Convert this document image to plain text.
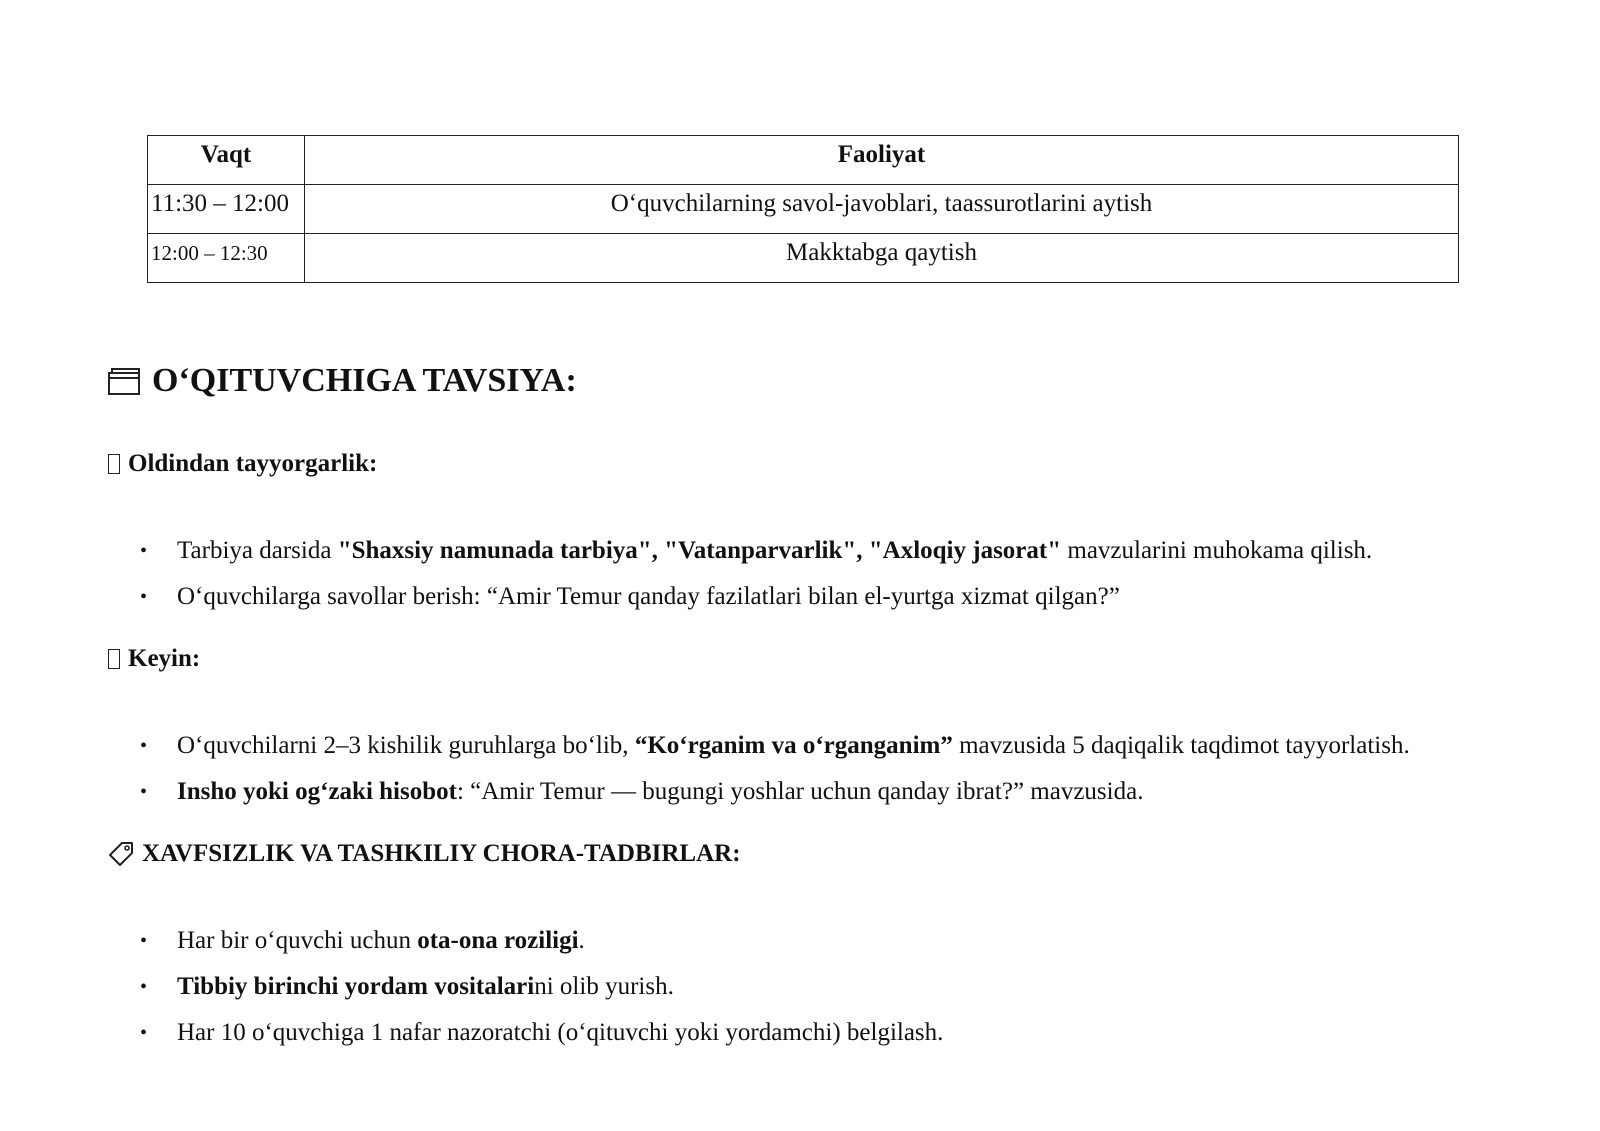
Vaqt	Faoliyat
11:30 – 12:00	O‘quvchilarning savol-javoblari, taassurotlarini aytish
12:00 – 12:30	Makktabga qaytish
O‘QITUVCHIGA TAVSIYA:
Oldindan tayyorgarlik:
• Tarbiya darsida "Shaxsiy namunada tarbiya", "Vatanparvarlik", "Axloqiy jasorat" mavzularini muhokama qilish.
• O‘quvchilarga savollar berish: “Amir Temur qanday fazilatlari bilan el-yurtga xizmat qilgan?”
Keyin:
• O‘quvchilarni 2–3 kishilik guruhlarga bo‘lib, “Ko‘rganim va o‘rganganim” mavzusida 5 daqiqalik taqdimot tayyorlatish.
• Insho yoki og‘zaki hisobot: “Amir Temur — bugungi yoshlar uchun qanday ibrat?” mavzusida.
XAVFSIZLIK VA TASHKILIY CHORA-TADBIRLAR:
• Har bir o‘quvchi uchun ota-ona roziligi.
• Tibbiy birinchi yordam vositalarini olib yurish.
• Har 10 o‘quvchiga 1 nafar nazoratchi (o‘qituvchi yoki yordamchi) belgilash.
